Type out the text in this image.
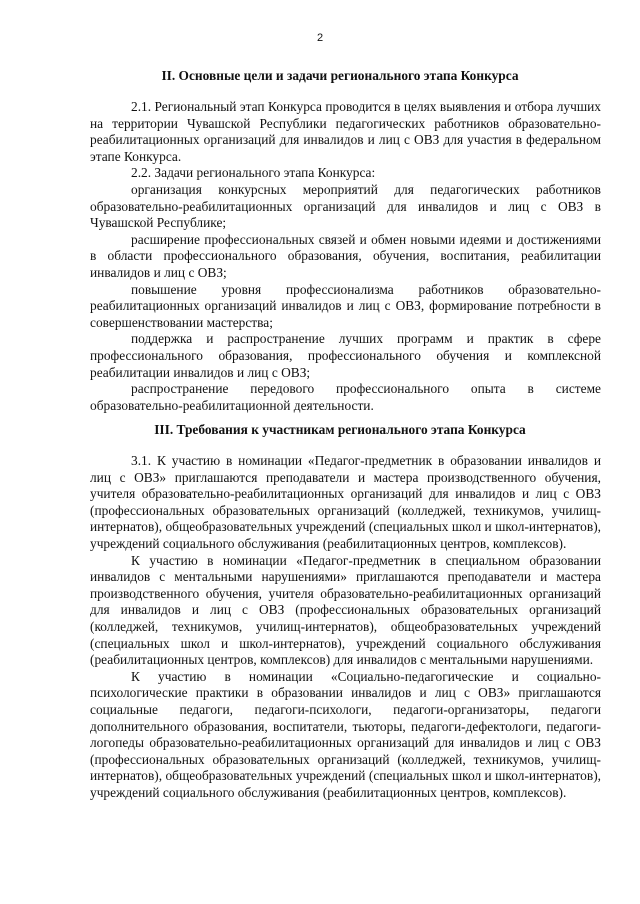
2
II. Основные цели и задачи регионального этапа Конкурса

2.1. Региональный этап Конкурса проводится в целях выявления и отбора лучших на территории Чувашской Республики педагогических работников образовательно-реабилитационных организаций для инвалидов и лиц с ОВЗ для участия в федеральном этапе Конкурса.

2.2. Задачи регионального этапа Конкурса:

организация конкурсных мероприятий для педагогических работников образовательно-реабилитационных организаций для инвалидов и лиц с ОВЗ в Чувашской Республике;

расширение профессиональных связей и обмен новыми идеями и достижениями в области профессионального образования, обучения, воспитания, реабилитации инвалидов и лиц с ОВЗ;

повышение уровня профессионализма работников образовательно-реабилитационных организаций инвалидов и лиц с ОВЗ, формирование потребности в совершенствовании мастерства;

поддержка и распространение лучших программ и практик в сфере профессионального образования, профессионального обучения и комплексной реабилитации инвалидов и лиц с ОВЗ;

распространение передового профессионального опыта в системе образовательно-реабилитационной деятельности.

III. Требования к участникам регионального этапа Конкурса

3.1. К участию в номинации «Педагог-предметник в образовании инвалидов и лиц с ОВЗ» приглашаются преподаватели и мастера производственного обучения, учителя образовательно-реабилитационных организаций для инвалидов и лиц с ОВЗ (профессиональных образовательных организаций (колледжей, техникумов, училищ-интернатов), общеобразовательных учреждений (специальных школ и школ-интернатов), учреждений социального обслуживания (реабилитационных центров, комплексов).

К участию в номинации «Педагог-предметник в специальном образовании инвалидов с ментальными нарушениями» приглашаются преподаватели и мастера производственного обучения, учителя образовательно-реабилитационных организаций для инвалидов и лиц с ОВЗ (профессиональных образовательных организаций (колледжей, техникумов, училищ-интернатов), общеобразовательных учреждений (специальных школ и школ-интернатов), учреждений социального обслуживания (реабилитационных центров, комплексов) для инвалидов с ментальными нарушениями.

К участию в номинации «Социально-педагогические и социально-психологические практики в образовании инвалидов и лиц с ОВЗ» приглашаются социальные педагоги, педагоги-психологи, педагоги-организаторы, педагоги дополнительного образования, воспитатели, тьюторы, педагоги-дефектологи, педагоги-логопеды образовательно-реабилитационных организаций для инвалидов и лиц с ОВЗ (профессиональных образовательных организаций (колледжей, техникумов, училищ-интернатов), общеобразовательных учреждений (специальных школ и школ-интернатов), учреждений социального обслуживания (реабилитационных центров, комплексов).
